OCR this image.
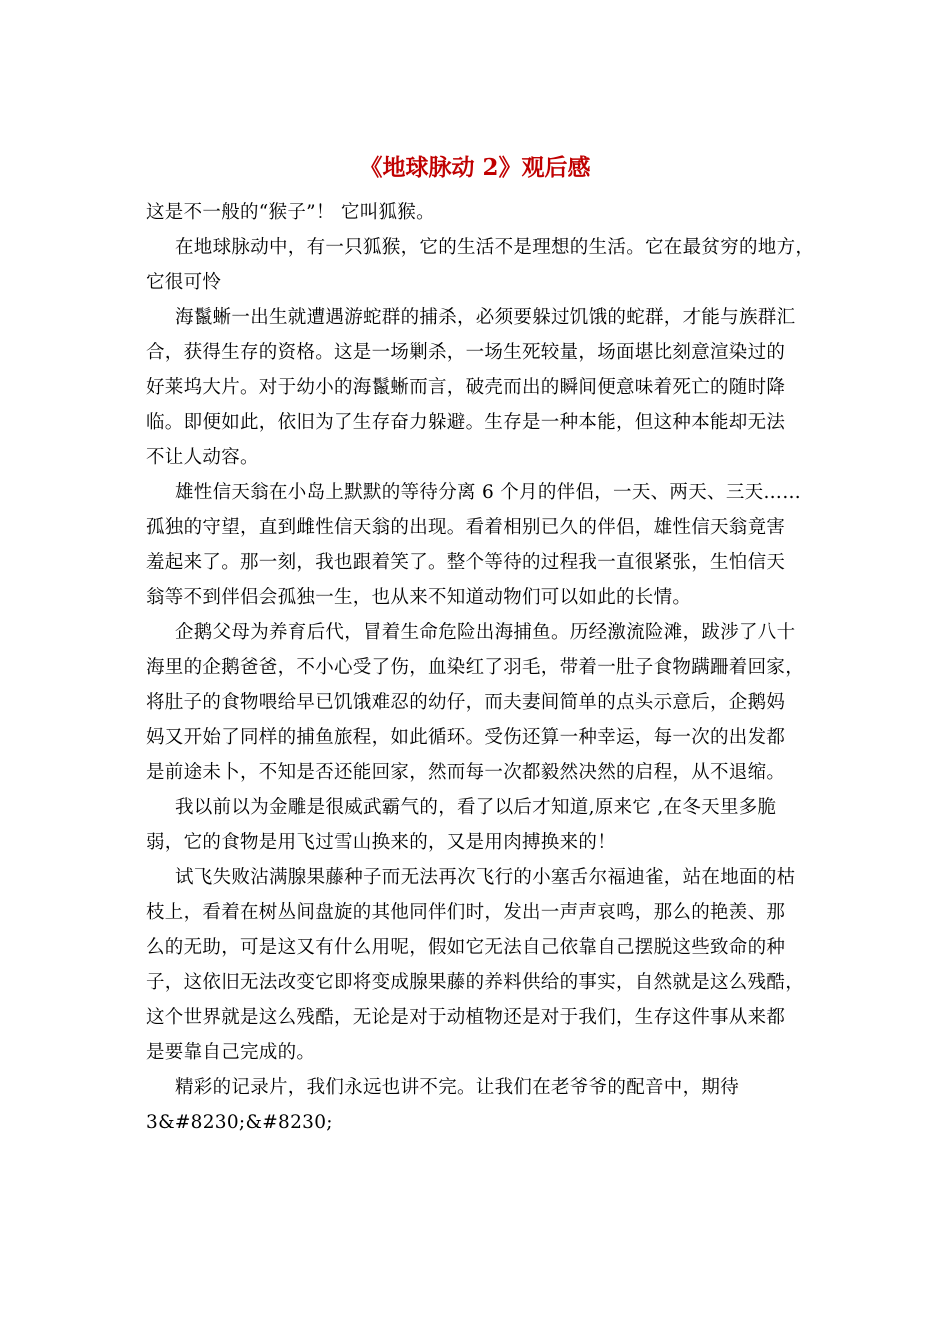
《地球脉动 2》观后感
这是不一般的“猴子”！ 它叫狐猴。
在地球脉动中，有一只狐猴，它的生活不是理想的生活。它在最贫穷的地方，
它很可怜
海鬣蜥一出生就遭遇游蛇群的捕杀，必须要躲过饥饿的蛇群，才能与族群汇
合，获得生存的资格。这是一场剿杀，一场生死较量，场面堪比刻意渲染过的
好莱坞大片。对于幼小的海鬣蜥而言，破壳而出的瞬间便意味着死亡的随时降
临。即便如此，依旧为了生存奋力躲避。生存是一种本能，但这种本能却无法
不让人动容。
雄性信天翁在小岛上默默的等待分离 6 个月的伴侣，一天、两天、三天……
孤独的守望，直到雌性信天翁的出现。看着相别已久的伴侣，雄性信天翁竟害
羞起来了。那一刻，我也跟着笑了。整个等待的过程我一直很紧张，生怕信天
翁等不到伴侣会孤独一生，也从来不知道动物们可以如此的长情。
企鹅父母为养育后代，冒着生命危险出海捕鱼。历经激流险滩，跋涉了八十
海里的企鹅爸爸，不小心受了伤，血染红了羽毛，带着一肚子食物蹒跚着回家，
将肚子的食物喂给早已饥饿难忍的幼仔，而夫妻间简单的点头示意后，企鹅妈
妈又开始了同样的捕鱼旅程，如此循环。受伤还算一种幸运，每一次的出发都
是前途未卜，不知是否还能回家，然而每一次都毅然决然的启程，从不退缩。
我以前以为金雕是很威武霸气的，看了以后才知道,原来它 ,在冬天里多脆
弱，它的食物是用飞过雪山换来的，又是用肉搏换来的！
试飞失败沾满腺果藤种子而无法再次飞行的小塞舌尔福迪雀，站在地面的枯
枝上，看着在树丛间盘旋的其他同伴们时，发出一声声哀鸣，那么的艳羡、那
么的无助，可是这又有什么用呢，假如它无法自己依靠自己摆脱这些致命的种
子，这依旧无法改变它即将变成腺果藤的养料供给的事实，自然就是这么残酷，
这个世界就是这么残酷，无论是对于动植物还是对于我们，生存这件事从来都
是要靠自己完成的。
精彩的记录片，我们永远也讲不完。让我们在老爷爷的配音中，期待
3&#8230;&#8230;
